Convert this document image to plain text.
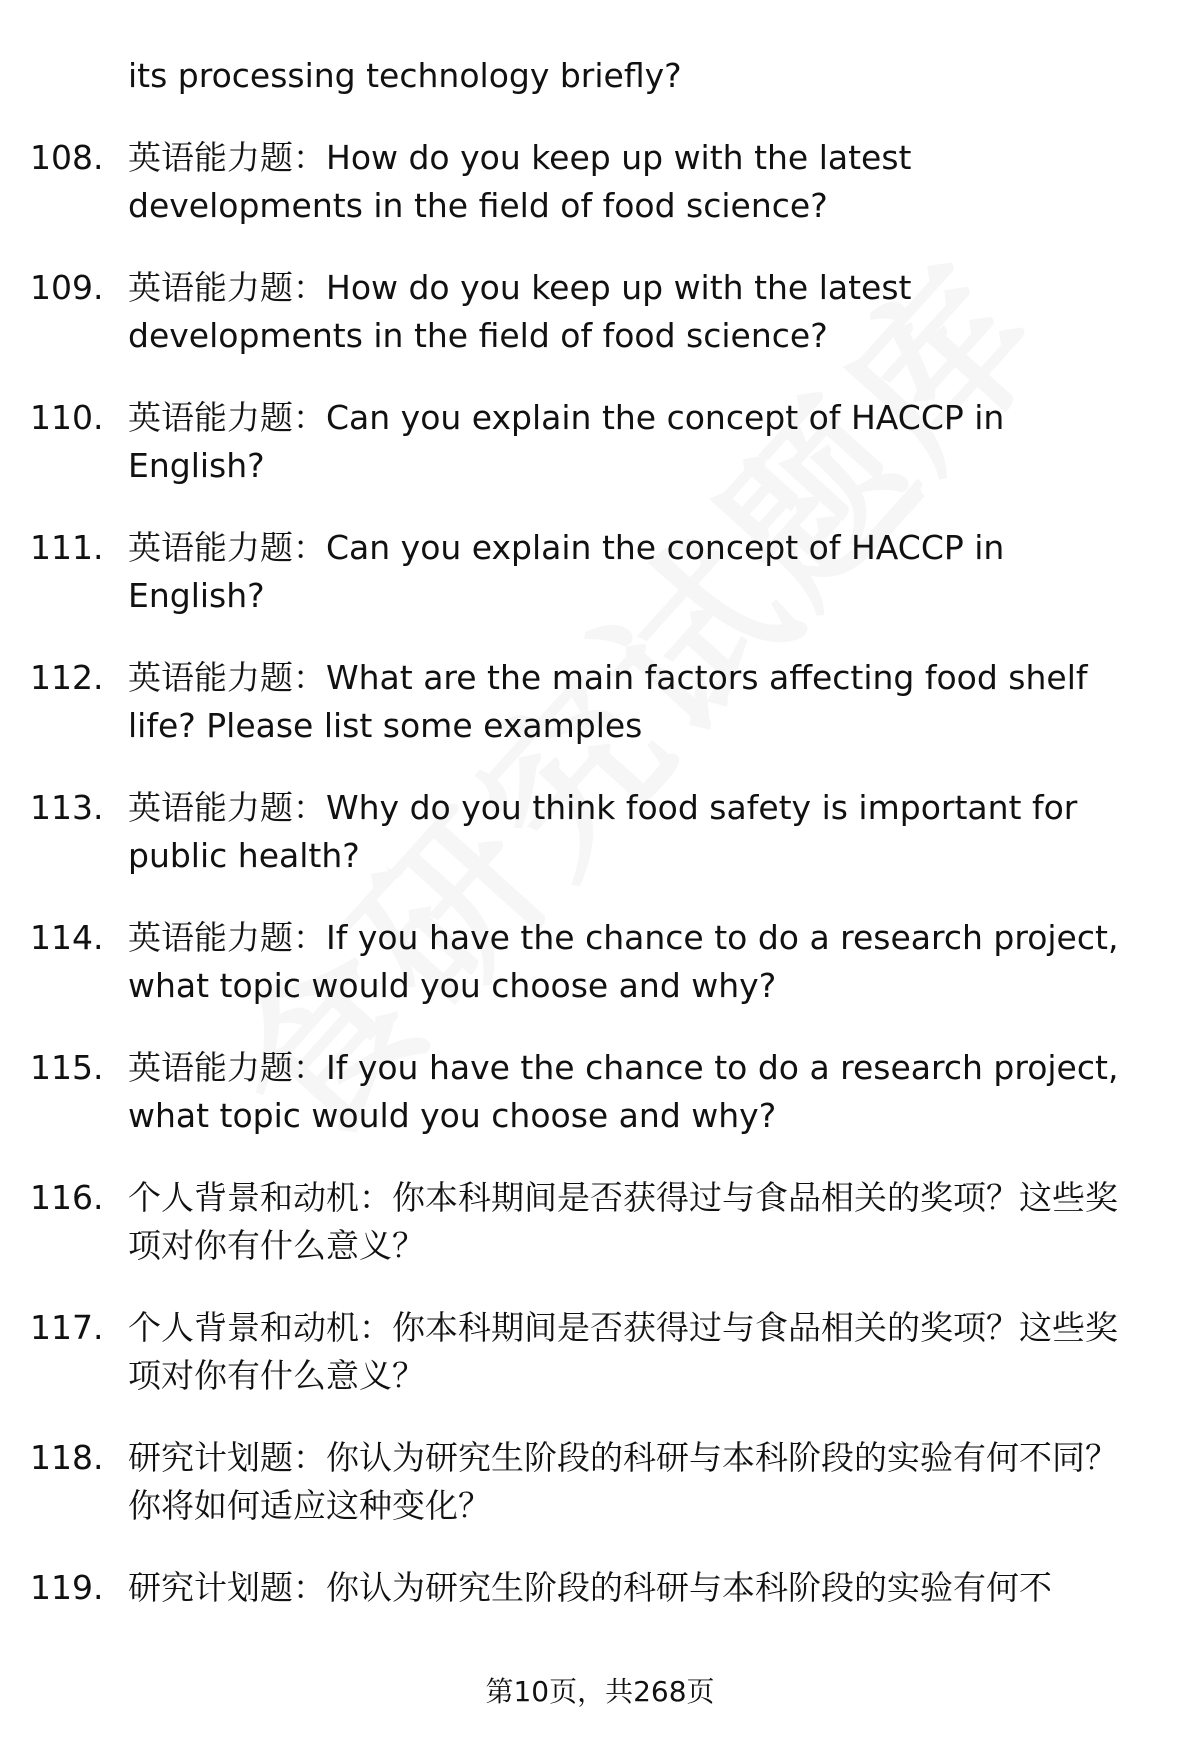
its processing technology briefly?
108. 英语能力题：How do you keep up with the latest developments in the field of food science?
109. 英语能力题：How do you keep up with the latest developments in the field of food science?
110. 英语能力题：Can you explain the concept of HACCP in English?
111. 英语能力题：Can you explain the concept of HACCP in English?
112. 英语能力题：What are the main factors affecting food shelf life? Please list some examples
113. 英语能力题：Why do you think food safety is important for public health?
114. 英语能力题：If you have the chance to do a research project, what topic would you choose and why?
115. 英语能力题：If you have the chance to do a research project, what topic would you choose and why?
116. 个人背景和动机：你本科期间是否获得过与食品相关的奖项？这些奖项对你有什么意义？
117. 个人背景和动机：你本科期间是否获得过与食品相关的奖项？这些奖项对你有什么意义？
118. 研究计划题：你认为研究生阶段的科研与本科阶段的实验有何不同？你将如何适应这种变化？
119. 研究计划题：你认为研究生阶段的科研与本科阶段的实验有何不
第10页，共268页
